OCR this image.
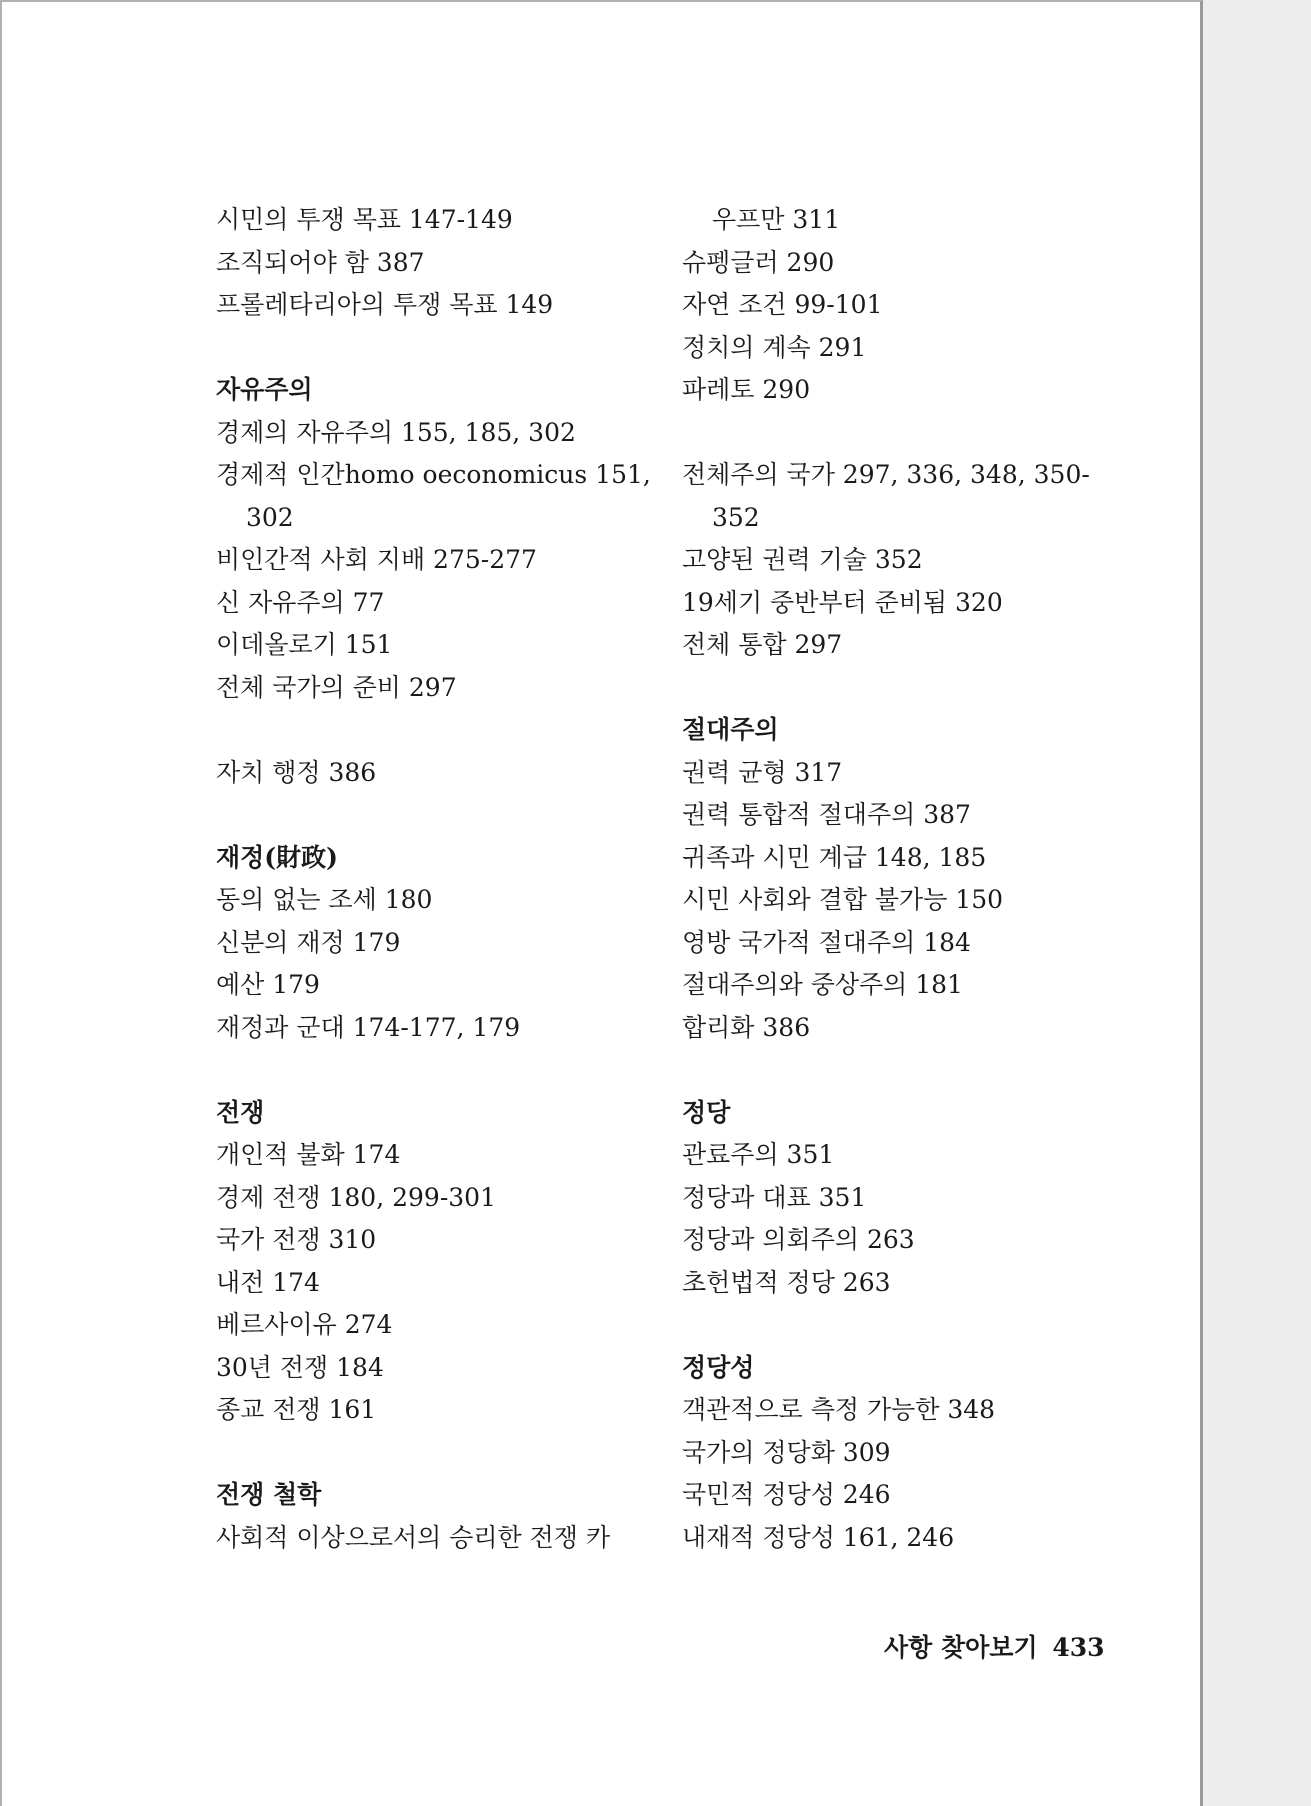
시민의 투쟁 목표 147-149
조직되어야 함 387
프롤레타리아의 투쟁 목표 149
자유주의
경제의 자유주의 155, 185, 302
경제적 인간homo oeconomicus 151,
302
비인간적 사회 지배 275-277
신 자유주의 77
이데올로기 151
전체 국가의 준비 297
자치 행정 386
재정(財政)
동의 없는 조세 180
신분의 재정 179
예산 179
재정과 군대 174-177, 179
전쟁
개인적 불화 174
경제 전쟁 180, 299-301
국가 전쟁 310
내전 174
베르사이유 274
30년 전쟁 184
종교 전쟁 161
전쟁 철학
사회적 이상으로서의 승리한 전쟁 카
우프만 311
슈펭글러 290
자연 조건 99-101
정치의 계속 291
파레토 290
전체주의 국가 297, 336, 348, 350-
352
고양된 권력 기술 352
19세기 중반부터 준비됨 320
전체 통합 297
절대주의
권력 균형 317
권력 통합적 절대주의 387
귀족과 시민 계급 148, 185
시민 사회와 결합 불가능 150
영방 국가적 절대주의 184
절대주의와 중상주의 181
합리화 386
정당
관료주의 351
정당과 대표 351
정당과 의회주의 263
초헌법적 정당 263
정당성
객관적으로 측정 가능한 348
국가의 정당화 309
국민적 정당성 246
내재적 정당성 161, 246
사항 찾아보기 433
